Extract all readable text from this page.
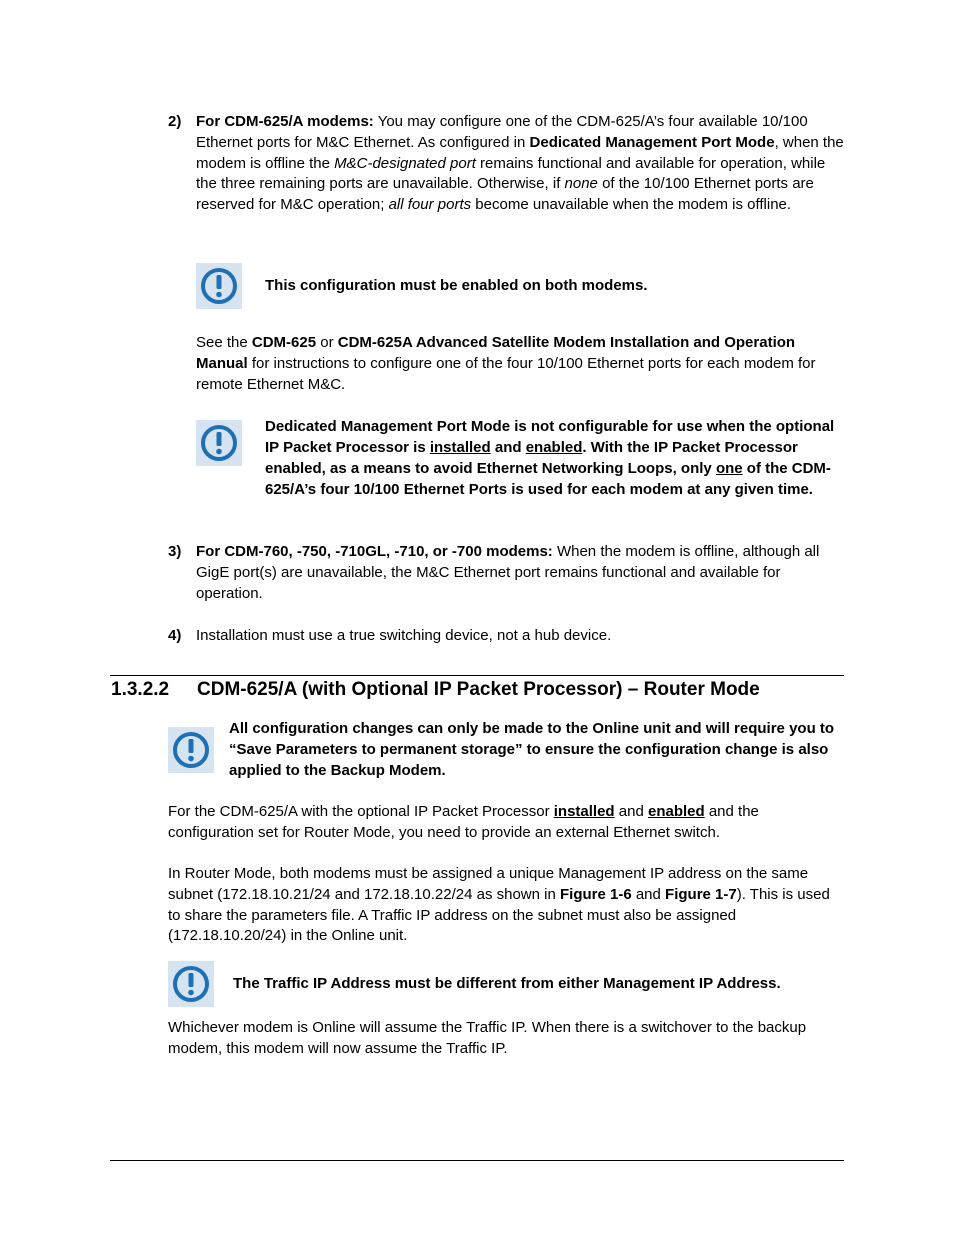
2) For CDM-625/A modems: You may configure one of the CDM-625/A’s four available 10/100 Ethernet ports for M&C Ethernet. As configured in Dedicated Management Port Mode, when the modem is offline the M&C-designated port remains functional and available for operation, while the three remaining ports are unavailable. Otherwise, if none of the 10/100 Ethernet ports are reserved for M&C operation; all four ports become unavailable when the modem is offline.

This configuration must be enabled on both modems.

See the CDM-625 or CDM-625A Advanced Satellite Modem Installation and Operation Manual for instructions to configure one of the four 10/100 Ethernet ports for each modem for remote Ethernet M&C.

Dedicated Management Port Mode is not configurable for use when the optional IP Packet Processor is installed and enabled. With the IP Packet Processor enabled, as a means to avoid Ethernet Networking Loops, only one of the CDM-625/A’s four 10/100 Ethernet Ports is used for each modem at any given time.

3) For CDM-760, -750, -710GL, -710, or -700 modems: When the modem is offline, although all GigE port(s) are unavailable, the M&C Ethernet port remains functional and available for operation.

4) Installation must use a true switching device, not a hub device.

1.3.2.2 CDM-625/A (with Optional IP Packet Processor) – Router Mode

All configuration changes can only be made to the Online unit and will require you to “Save Parameters to permanent storage” to ensure the configuration change is also applied to the Backup Modem.

For the CDM-625/A with the optional IP Packet Processor installed and enabled and the configuration set for Router Mode, you need to provide an external Ethernet switch.

In Router Mode, both modems must be assigned a unique Management IP address on the same subnet (172.18.10.21/24 and 172.18.10.22/24 as shown in Figure 1-6 and Figure 1-7). This is used to share the parameters file. A Traffic IP address on the subnet must also be assigned (172.18.10.20/24) in the Online unit.

The Traffic IP Address must be different from either Management IP Address.

Whichever modem is Online will assume the Traffic IP. When there is a switchover to the backup modem, this modem will now assume the Traffic IP.
